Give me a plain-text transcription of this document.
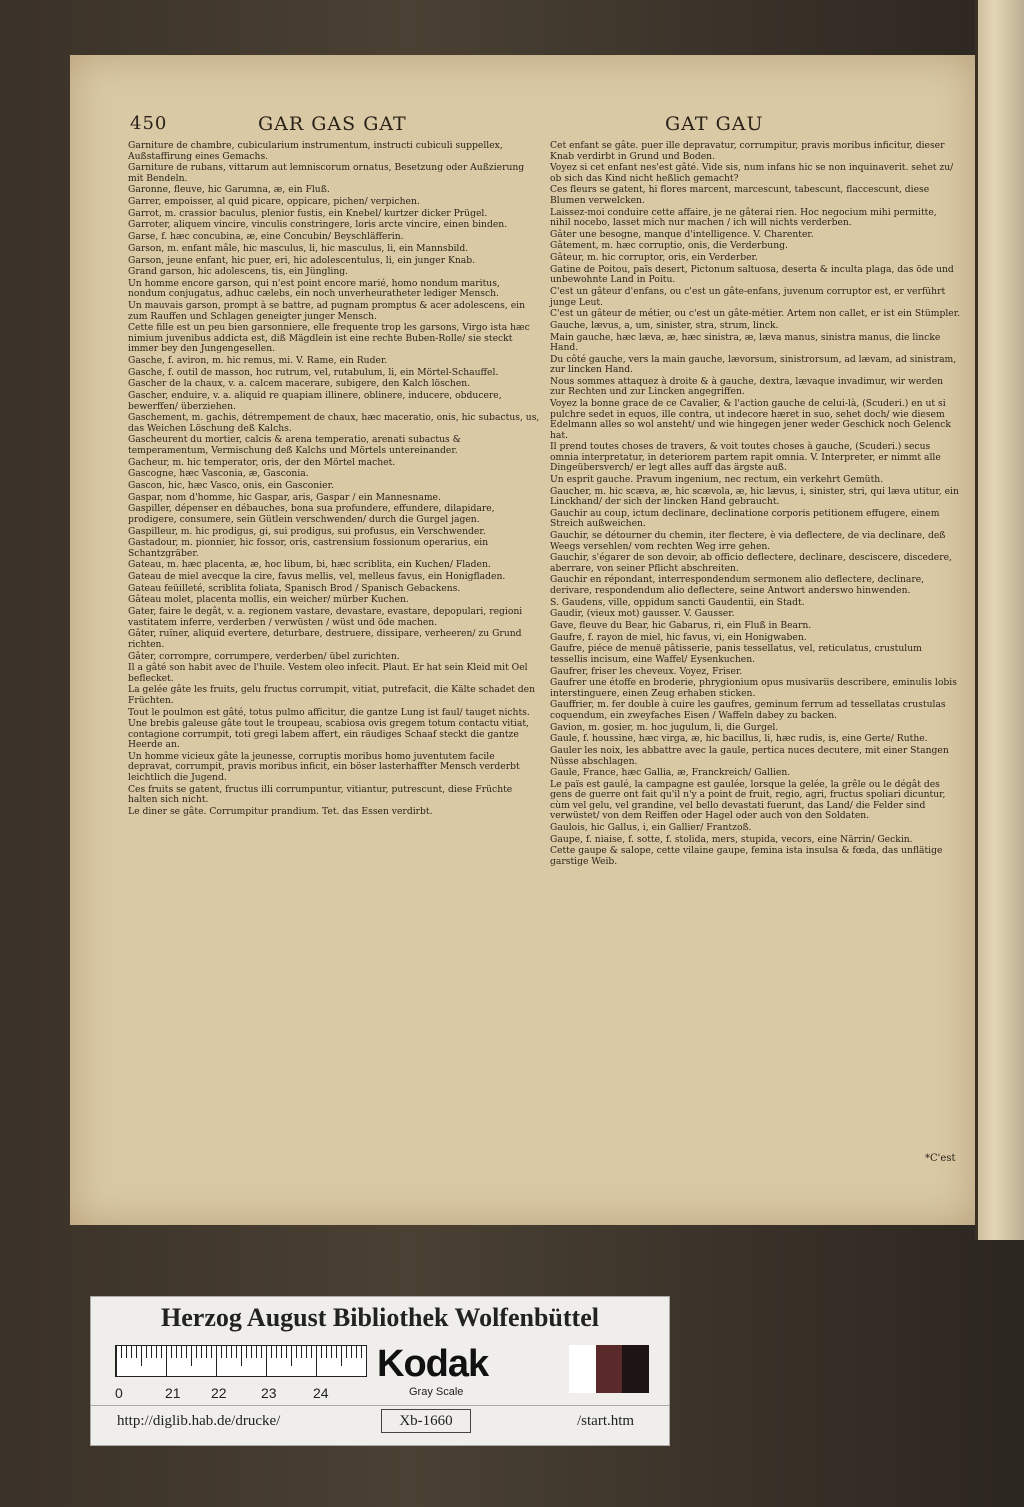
450	GAR GAS GAT	GAT GAU

Garniture de chambre, cubicularium instrumentum, instructi cubiculi suppellex, Außstaffirung eines Gemachs.

Garniture de rubans, vittarum aut lemniscorum ornatus, Besetzung oder Außzierung mit Bendeln.

Garonne, fleuve, hic Garumna, æ, ein Fluß.

Garrer, empoisser, al quid picare, oppicare, pichen/ verpichen.

Garrot, m. crassior baculus, plenior fustis, ein Knebel/ kurtzer dicker Prügel.

Garroter, aliquem vincire, vinculis constringere, loris arcte vincire, einen binden.

Garse, f. hæc concubina, æ, eine Concubin/ Beyschläfferin.

Garson, m. enfant mâle, hic masculus, li, hic masculus, li, ein Mannsbild.

Garson, jeune enfant, hic puer, eri, hic adolescentulus, li, ein junger Knab.

Grand garson, hic adolescens, tis, ein Jüngling.

Un homme encore garson, qui n'est point encore marié, homo nondum maritus, nondum conjugatus, adhuc cælebs, ein noch unverheuratheter lediger Mensch.

Un mauvais garson, prompt à se battre, ad pugnam promptus & acer adolescens, ein zum Rauffen und Schlagen geneigter junger Mensch.

Cette fille est un peu bien garsonniere, elle frequente trop les garsons, Virgo ista hæc nimium juvenibus addicta est, diß Mägdlein ist eine rechte Buben-Rolle/ sie steckt immer bey den Jungengesellen.

Gasche, f. aviron, m. hic remus, mi. V. Rame, ein Ruder.

Gasche, f. outil de masson, hoc rutrum, vel, rutabulum, li, ein Mörtel-Schauffel.

Gascher de la chaux, v. a. calcem macerare, subigere, den Kalch löschen.

Gascher, enduire, v. a. aliquid re quapiam illinere, oblinere, inducere, obducere, bewerffen/ überziehen.

Gaschement, m. gachis, détrempement de chaux, hæc maceratio, onis, hic subactus, us, das Weichen Löschung deß Kalchs.

Gascheurent du mortier, calcis & arena temperatio, arenati subactus & temperamentum, Vermischung deß Kalchs und Mörtels untereinander.

Gacheur, m. hic temperator, oris, der den Mörtel machet.

Gascogne, hæc Vasconia, æ, Gasconia.

Gascon, hic, hæc Vasco, onis, ein Gasconier.

Gaspar, nom d'homme, hic Gaspar, aris, Gaspar / ein Mannesname.

Gaspiller, dépenser en débauches, bona sua profundere, effundere, dilapidare, prodigere, consumere, sein Gütlein verschwenden/ durch die Gurgel jagen.

Gaspilleur, m. hic prodigus, gi, sui prodigus, sui profusus, ein Verschwender.

Gastadour, m. pionnier, hic fossor, oris, castrensium fossionum operarius, ein Schantzgräber.

Gateau, m. hæc placenta, æ, hoc libum, bi, hæc scriblita, ein Kuchen/ Fladen.

Gateau de miel avecque la cire, favus mellis, vel, melleus favus, ein Honigfladen.

Gateau feüilleté, scriblita foliata, Spanisch Brod / Spanisch Gebackens.

Gâteau molet, placenta mollis, ein weicher/ mürber Kuchen.

Gater, faire le degât, v. a. regionem vastare, devastare, evastare, depopulari, regioni vastitatem inferre, verderben / verwüsten / wüst und öde machen.

Gâter, ruïner, aliquid evertere, deturbare, destruere, dissipare, verheeren/ zu Grund richten.

Gâter, corrompre, corrumpere, verderben/ übel zurichten.

Il a gâté son habit avec de l'huile. Vestem oleo infecit. Plaut. Er hat sein Kleid mit Oel beflecket.

La gelée gâte les fruits, gelu fructus corrumpit, vitiat, putrefacit, die Kälte schadet den Früchten.

Tout le poulmon est gâté, totus pulmo afficitur, die gantze Lung ist faul/ tauget nichts.

Une brebis galeuse gâte tout le troupeau, scabiosa ovis gregem totum contactu vitiat, contagione corrumpit, toti gregi labem affert, ein räudiges Schaaf steckt die gantze Heerde an.

Un homme vicieux gâte la jeunesse, corruptis moribus homo juventutem facile depravat, corrumpit, pravis moribus inficit, ein böser lasterhaffter Mensch verderbt leichtlich die Jugend.

Ces fruits se gatent, fructus illi corrumpuntur, vitiantur, putrescunt, diese Früchte halten sich nicht.

Le diner se gâte. Corrumpitur prandium. Tet. das Essen verdirbt.

Cet enfant se gâte. puer ille depravatur, corrumpitur, pravis moribus inficitur, dieser Knab verdirbt in Grund und Boden.

Voyez si cet enfant nes'est gâté. Vide sis, num infans hic se non inquinaverit. sehet zu/ ob sich das Kind nicht heßlich gemacht?

Ces fleurs se gatent, hi flores marcent, marcescunt, tabescunt, flaccescunt, diese Blumen verwelcken.

Laissez-moi conduire cette affaire, je ne gâterai rien. Hoc negocium mihi permitte, nihil nocebo, lasset mich nur machen / ich will nichts verderben.

Gâter une besogne, manque d'intelligence. V. Charenter.

Gâtement, m. hæc corruptio, onis, die Verderbung.

Gâteur, m. hic corruptor, oris, ein Verderber.

Gatine de Poitou, païs desert, Pictonum saltuosa, deserta & inculta plaga, das öde und unbewohnte Land in Poitu.

C'est un gâteur d'enfans, ou c'est un gâte-enfans, juvenum corruptor est, er verführt junge Leut.

C'est un gâteur de métier, ou c'est un gâte-métier. Artem non callet, er ist ein Stümpler.

Gauche, lævus, a, um, sinister, stra, strum, linck.

Main gauche, hæc læva, æ, hæc sinistra, æ, læva manus, sinistra manus, die lincke Hand.

Du côté gauche, vers la main gauche, lævorsum, sinistrorsum, ad lævam, ad sinistram, zur lincken Hand.

Nous sommes attaquez à droite & à gauche, dextra, lævaque invadimur, wir werden zur Rechten und zur Lincken angegriffen.

Voyez la bonne grace de ce Cavalier, & l'action gauche de celui-là, (Scuderi.) en ut si pulchre sedet in equos, ille contra, ut indecore hæret in suo, sehet doch/ wie diesem Edelmann alles so wol ansteht/ und wie hingegen jener weder Geschick noch Gelenck hat.

Il prend toutes choses de travers, & voit toutes choses à gauche, (Scuderi.) secus omnia interpretatur, in deteriorem partem rapit omnia. V. Interpreter, er nimmt alle Dingeübersverch/ er legt alles auff das ärgste auß.

Un esprit gauche. Pravum ingenium, nec rectum, ein verkehrt Gemüth.

Gaucher, m. hic scæva, æ, hic scævola, æ, hic lævus, i, sinister, stri, qui læva utitur, ein Linckhand/ der sich der lincken Hand gebraucht.

Gauchir au coup, ictum declinare, declinatione corporis petitionem effugere, einem Streich außweichen.

Gauchir, se détourner du chemin, iter flectere, è via deflectere, de via declinare, deß Weegs versehlen/ vom rechten Weg irre gehen.

Gauchir, s'égarer de son devoir, ab officio deflectere, declinare, desciscere, discedere, aberrare, von seiner Pflicht abschreiten.

Gauchir en répondant, interrespondendum sermonem alio deflectere, declinare, derivare, respondendum alio deflectere, seine Antwort anderswo hinwenden.

S. Gaudens, ville, oppidum sancti Gaudentii, ein Stadt.

Gaudir, (vieux mot) gausser. V. Gausser.

Gave, fleuve du Bear, hic Gabarus, ri, ein Fluß in Bearn.

Gaufre, f. rayon de miel, hic favus, vi, ein Honigwaben.

Gaufre, piéce de menuë pâtisserie, panis tessellatus, vel, reticulatus, crustulum tessellis incisum, eine Waffel/ Eysenkuchen.

Gaufrer, friser les cheveux. Voyez, Friser.

Gaufrer une étoffe en broderie, phrygionium opus musivariis describere, eminulis lobis interstinguere, einen Zeug erhaben sticken.

Gauffrier, m. fer double à cuire les gaufres, geminum ferrum ad tessellatas crustulas coquendum, ein zweyfaches Eisen / Waffeln dabey zu backen.

Gavion, m. gosier, m. hoc jugulum, li, die Gurgel.

Gaule, f. houssine, hæc virga, æ, hic bacillus, li, hæc rudis, is, eine Gerte/ Ruthe.

Gauler les noix, les abbattre avec la gaule, pertica nuces decutere, mit einer Stangen Nüsse abschlagen.

Gaule, France, hæc Gallia, æ, Franckreich/ Gallien.

Le païs est gaulé, la campagne est gaulée, lorsque la gelée, la grêle ou le dégât des gens de guerre ont fait qu'il n'y a point de fruit, regio, agri, fructus spoliari dicuntur, cùm vel gelu, vel grandine, vel bello devastati fuerunt, das Land/ die Felder sind verwüstet/ von dem Reiffen oder Hagel oder auch von den Soldaten.

Gaulois, hic Gallus, i, ein Gallier/ Frantzoß.

Gaupe, f. niaise, f. sotte, f. stolida, mers, stupida, vecors, eine Närrin/ Geckin.

Cette gaupe & salope, cette vilaine gaupe, femina ista insulsa & fœda, das unflätige garstige Weib.

*C'est
Herzog August Bibliothek Wolfenbüttel
0	21 22 23	24
Kodak
Gray Scale
http://diglib.hab.de/drucke/	Xb-1660	/start.htm
